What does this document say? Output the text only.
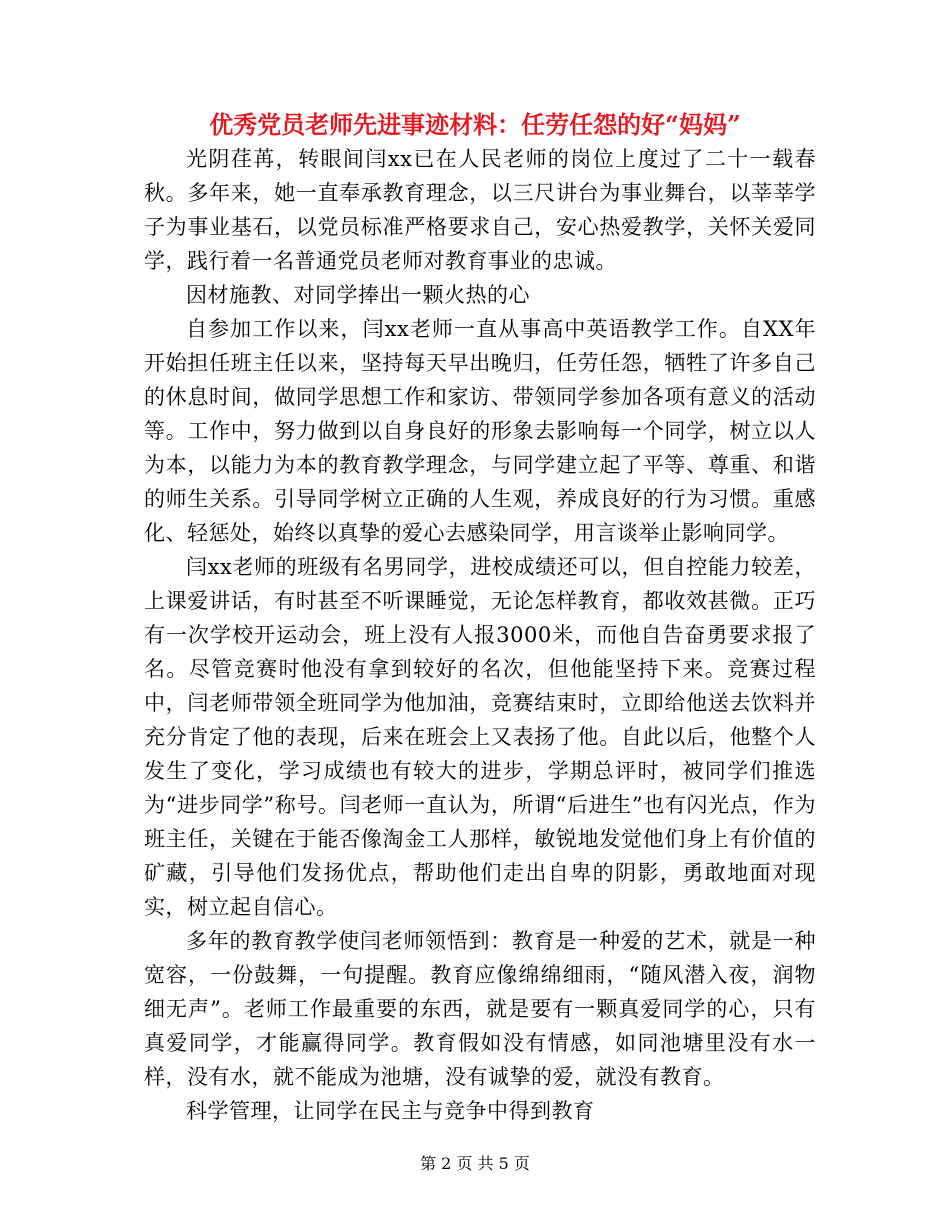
优秀党员老师先进事迹材料：任劳任怨的好“妈妈”

光阴荏苒，转眼间闫xx已在人民老师的岗位上度过了二十一载春秋。多年来，她一直奉承教育理念，以三尺讲台为事业舞台，以莘莘学子为事业基石，以党员标准严格要求自己，安心热爱教学，关怀关爱同学，践行着一名普通党员老师对教育事业的忠诚。

因材施教、对同学捧出一颗火热的心

自参加工作以来，闫xx老师一直从事高中英语教学工作。自XX年开始担任班主任以来，坚持每天早出晚归，任劳任怨，牺牲了许多自己的休息时间，做同学思想工作和家访、带领同学参加各项有意义的活动等。工作中，努力做到以自身良好的形象去影响每一个同学，树立以人为本，以能力为本的教育教学理念，与同学建立起了平等、尊重、和谐的师生关系。引导同学树立正确的人生观，养成良好的行为习惯。重感化、轻惩处，始终以真挚的爱心去感染同学，用言谈举止影响同学。

闫xx老师的班级有名男同学，进校成绩还可以，但自控能力较差，上课爱讲话，有时甚至不听课睡觉，无论怎样教育，都收效甚微。正巧有一次学校开运动会，班上没有人报3000米，而他自告奋勇要求报了名。尽管竞赛时他没有拿到较好的名次，但他能坚持下来。竞赛过程中，闫老师带领全班同学为他加油，竞赛结束时，立即给他送去饮料并充分肯定了他的表现，后来在班会上又表扬了他。自此以后，他整个人发生了变化，学习成绩也有较大的进步，学期总评时，被同学们推选为“进步同学”称号。闫老师一直认为，所谓“后进生”也有闪光点，作为班主任，关键在于能否像淘金工人那样，敏锐地发觉他们身上有价值的矿藏，引导他们发扬优点，帮助他们走出自卑的阴影，勇敢地面对现实，树立起自信心。

多年的教育教学使闫老师领悟到：教育是一种爱的艺术，就是一种宽容，一份鼓舞，一句提醒。教育应像绵绵细雨，“随风潜入夜，润物细无声”。老师工作最重要的东西，就是要有一颗真爱同学的心，只有真爱同学，才能赢得同学。教育假如没有情感，如同池塘里没有水一样，没有水，就不能成为池塘，没有诚挚的爱，就没有教育。

科学管理，让同学在民主与竞争中得到教育

第 2 页 共 5 页
